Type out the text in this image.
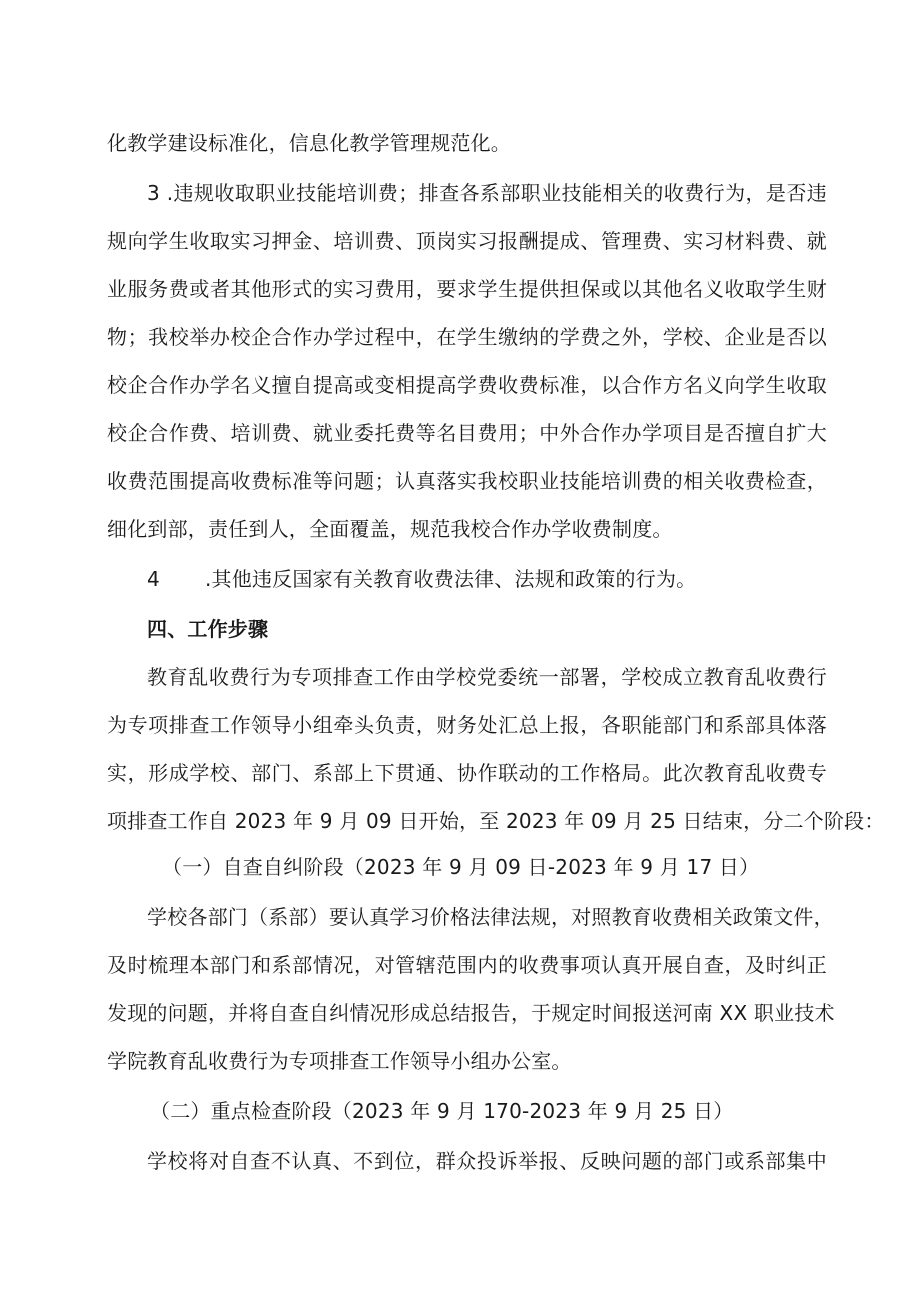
化教学建设标准化，信息化教学管理规范化。
3 .违规收取职业技能培训费；排查各系部职业技能相关的收费行为，是否违
规向学生收取实习押金、培训费、顶岗实习报酬提成、管理费、实习材料费、就
业服务费或者其他形式的实习费用，要求学生提供担保或以其他名义收取学生财
物；我校举办校企合作办学过程中，在学生缴纳的学费之外，学校、企业是否以
校企合作办学名义擅自提高或变相提高学费收费标准，以合作方名义向学生收取
校企合作费、培训费、就业委托费等名目费用；中外合作办学项目是否擅自扩大
收费范围提高收费标准等问题；认真落实我校职业技能培训费的相关收费检查，
细化到部，责任到人，全面覆盖，规范我校合作办学收费制度。
4 .其他违反国家有关教育收费法律、法规和政策的行为。
四、工作步骤
教育乱收费行为专项排查工作由学校党委统一部署，学校成立教育乱收费行
为专项排查工作领导小组牵头负责，财务处汇总上报，各职能部门和系部具体落
实，形成学校、部门、系部上下贯通、协作联动的工作格局。此次教育乱收费专
项排查工作自 2023 年 9 月 09 日开始，至 2023 年 09 月 25 日结束，分二个阶段：
（一）自查自纠阶段（2023 年 9 月 09 日-2023 年 9 月 17 日）
学校各部门（系部）要认真学习价格法律法规，对照教育收费相关政策文件，
及时梳理本部门和系部情况，对管辖范围内的收费事项认真开展自查，及时纠正
发现的问题，并将自查自纠情况形成总结报告，于规定时间报送河南 XX 职业技术
学院教育乱收费行为专项排查工作领导小组办公室。
（二）重点检查阶段（2023 年 9 月 170-2023 年 9 月 25 日）
学校将对自查不认真、不到位，群众投诉举报、反映问题的部门或系部集中
